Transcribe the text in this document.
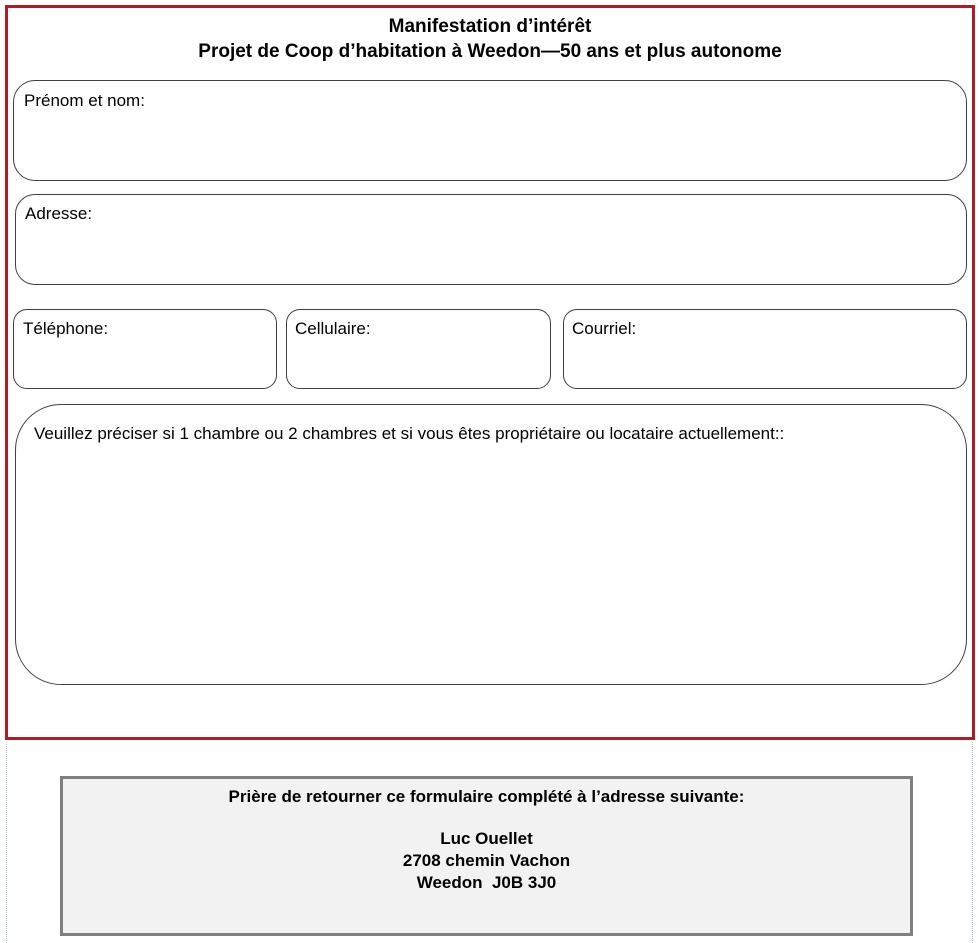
Manifestation d’intérêt
Projet de Coop d’habitation à Weedon—50 ans et plus autonome
Prénom et nom:
Adresse:
Téléphone:	Cellulaire:	Courriel:
Veuillez préciser si 1 chambre ou 2 chambres et si vous êtes propriétaire ou locataire actuellement::
Prière de retourner ce formulaire complété à l’adresse suivante:
Luc Ouellet
2708 chemin Vachon
Weedon  J0B 3J0
